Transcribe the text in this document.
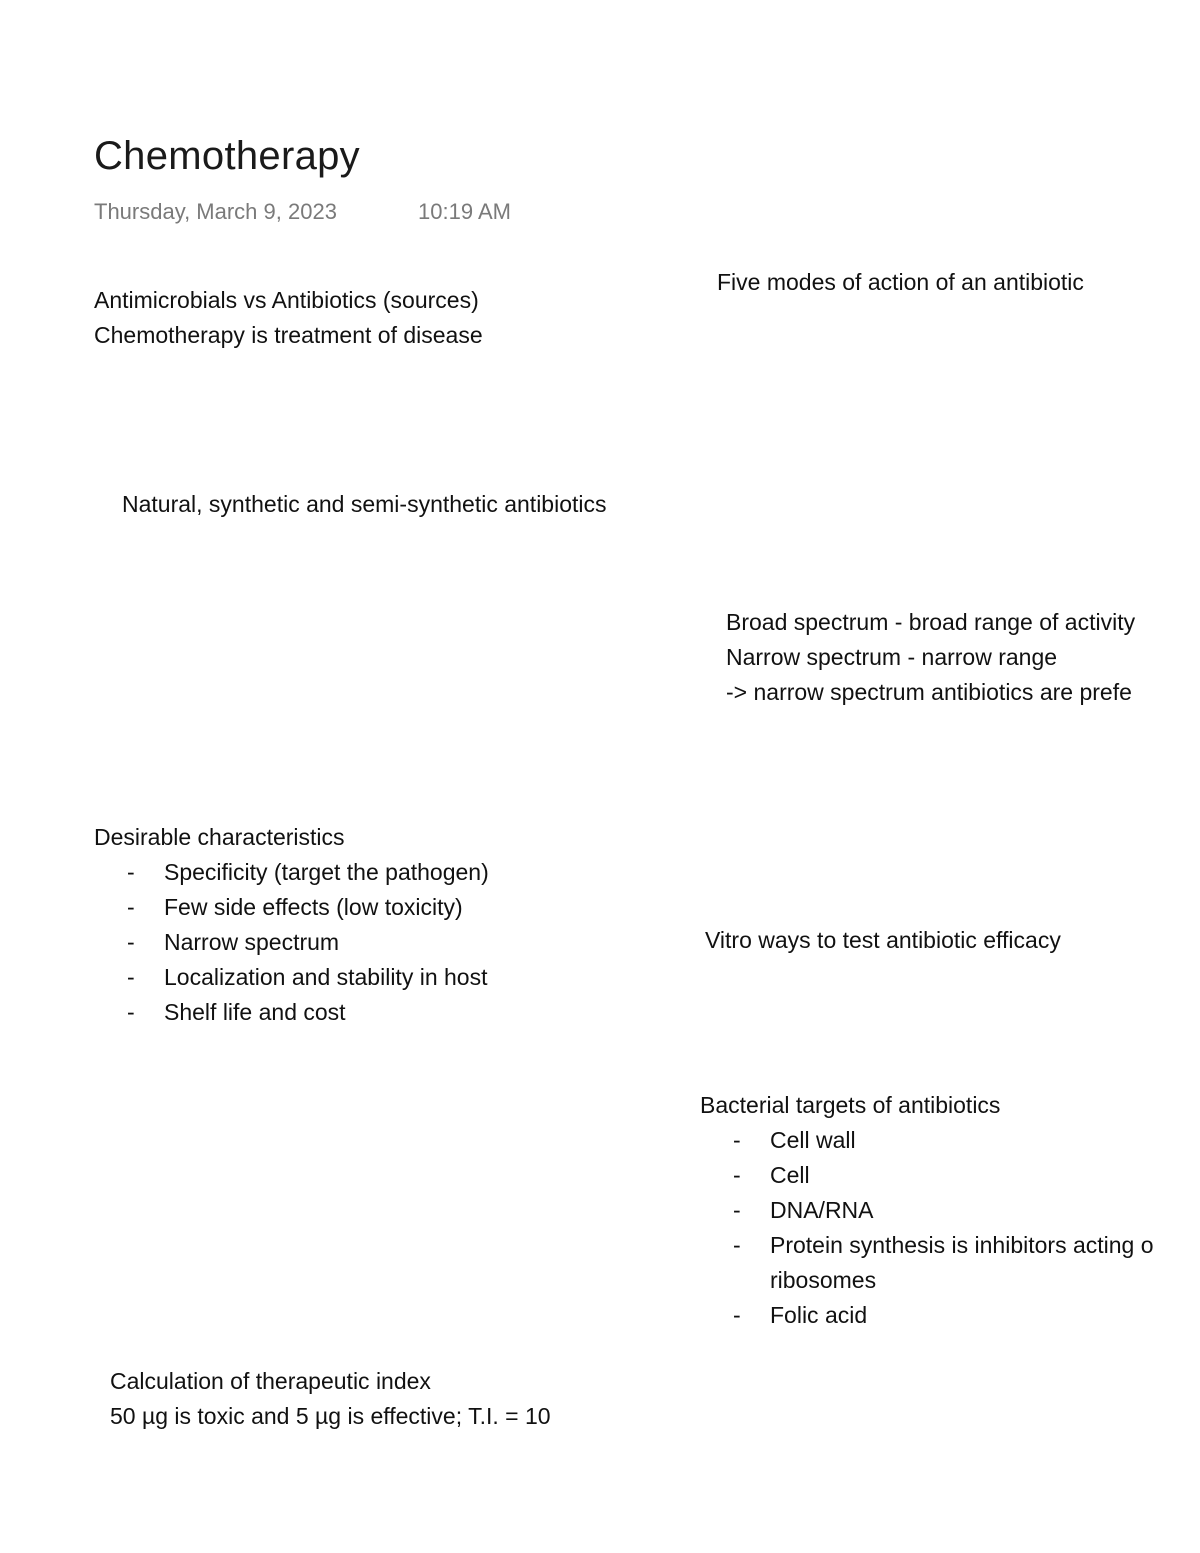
Chemotherapy
Thursday, March 9, 2023	10:19 AM
Antimicrobials vs Antibiotics (sources)
Chemotherapy is treatment of disease
Five modes of action of an antibiotic
Natural, synthetic and semi-synthetic antibiotics
Broad spectrum - broad range of activity
Narrow spectrum - narrow range
-> narrow spectrum antibiotics are prefe
Desirable characteristics
- Specificity (target the pathogen)
- Few side effects (low toxicity)
- Narrow spectrum
- Localization and stability in host
- Shelf life and cost
Vitro ways to test antibiotic efficacy
Bacterial targets of antibiotics
- Cell wall
- Cell
- DNA/RNA
- Protein synthesis is inhibitors acting o
ribosomes
- Folic acid
Calculation of therapeutic index
50 µg is toxic and 5 µg is effective; T.I. = 10
